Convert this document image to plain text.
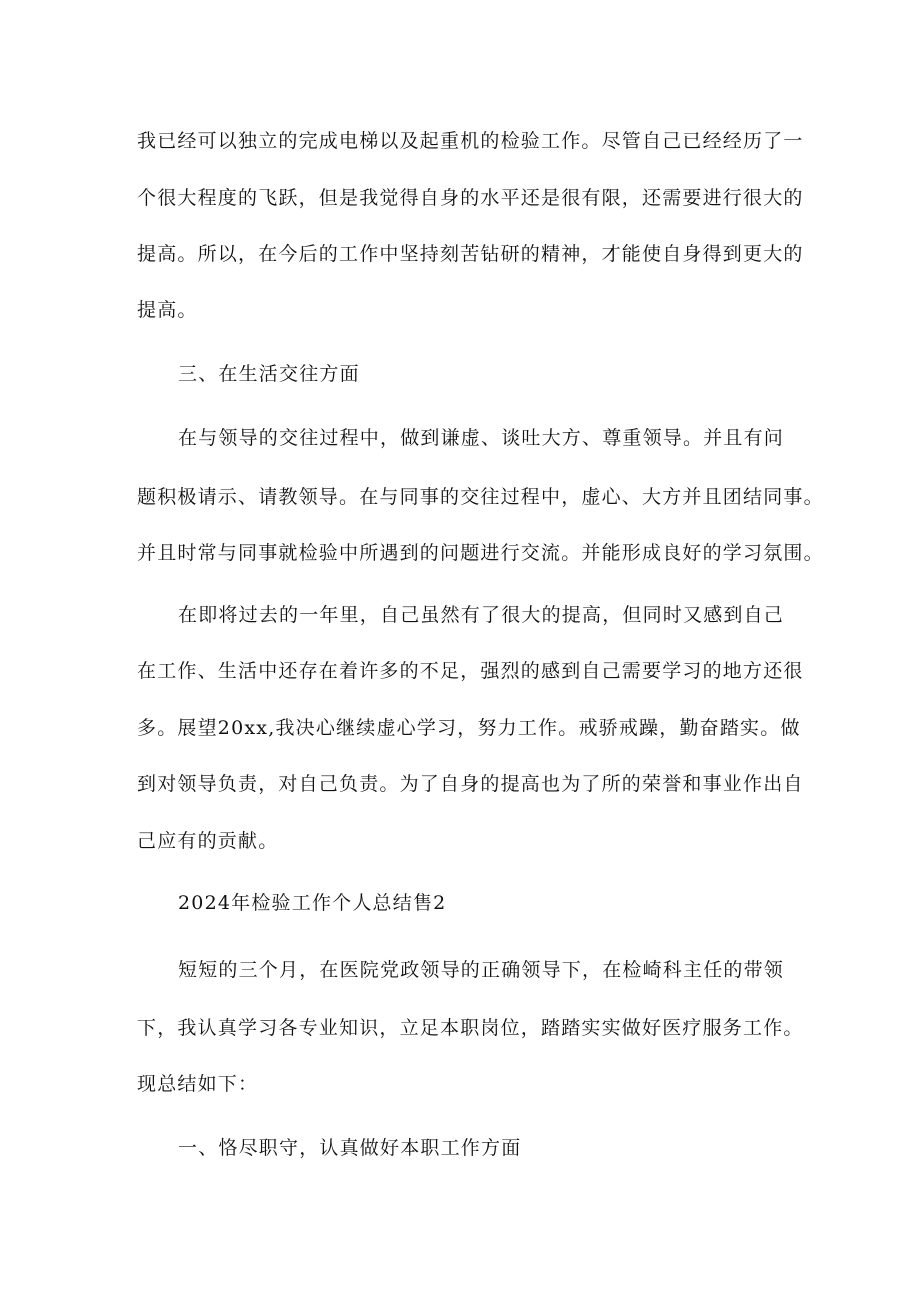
我已经可以独立的完成电梯以及起重机的检验工作。尽管自己已经经历了一
个很大程度的飞跃，但是我觉得自身的水平还是很有限，还需要进行很大的
提高。所以，在今后的工作中坚持刻苦钻研的精神，才能使自身得到更大的
提高。
三、在生活交往方面
在与领导的交往过程中，做到谦虚、谈吐大方、尊重领导。并且有问
题积极请示、请教领导。在与同事的交往过程中，虚心、大方并且团结同事。
并且时常与同事就检验中所遇到的问题进行交流。并能形成良好的学习氛围。
在即将过去的一年里，自己虽然有了很大的提高，但同时又感到自己
在工作、生活中还存在着许多的不足，强烈的感到自己需要学习的地方还很
多。展望20xx,我决心继续虚心学习，努力工作。戒骄戒躁，勤奋踏实。做
到对领导负责，对自己负责。为了自身的提高也为了所的荣誉和事业作出自
己应有的贡献。
2024年检验工作个人总结售2
短短的三个月，在医院党政领导的正确领导下，在检崎科主任的带领
下，我认真学习各专业知识，立足本职岗位，踏踏实实做好医疗服务工作。
现总结如下：
一、恪尽职守，认真做好本职工作方面
